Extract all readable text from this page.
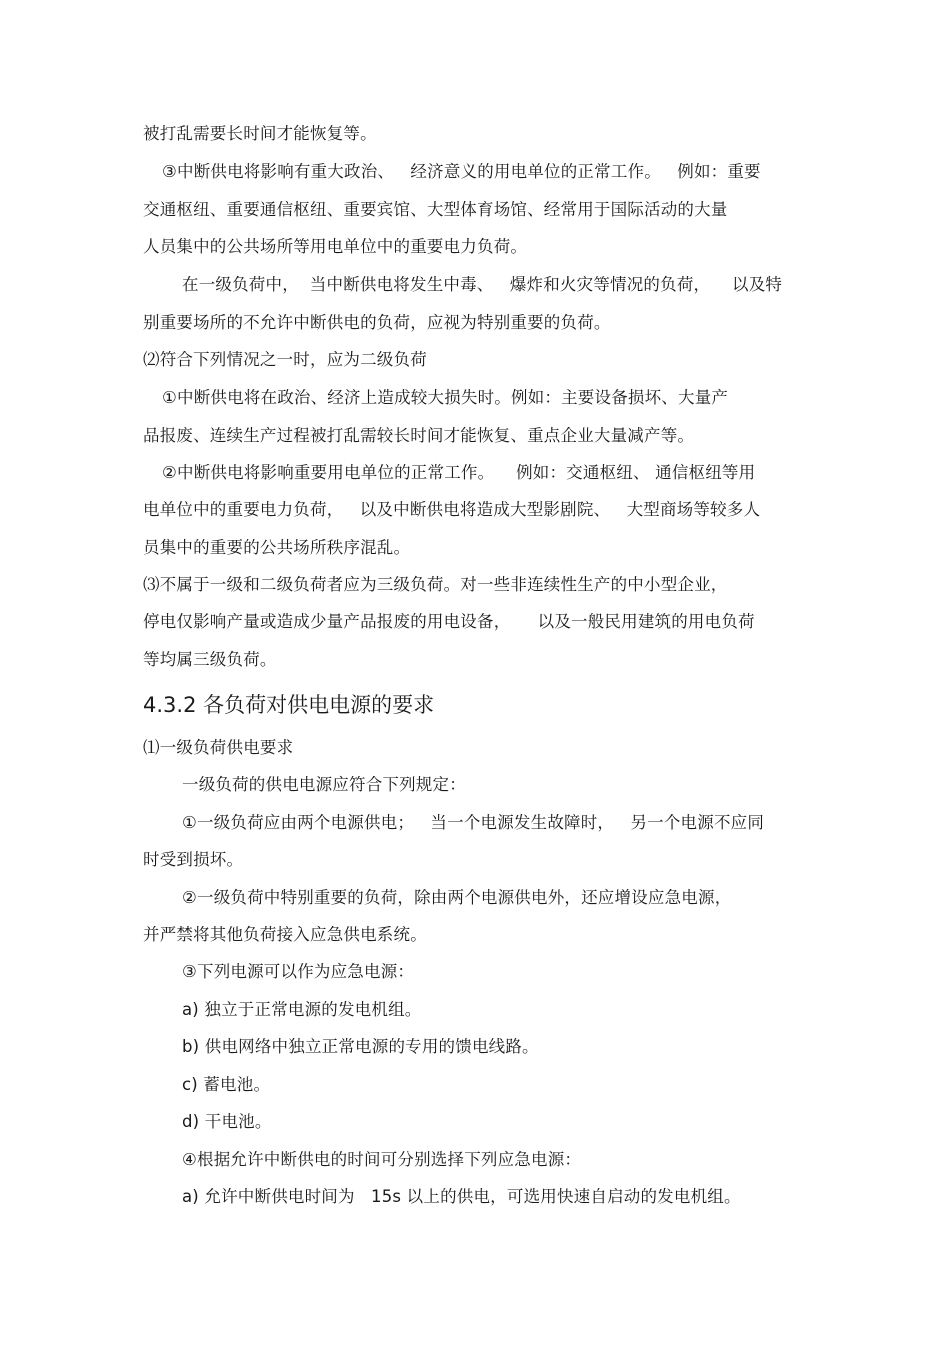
被打乱需要长时间才能恢复等。
③中断供电将影响有重大政治、   经济意义的用电单位的正常工作。   例如：重要
交通枢纽、重要通信枢纽、重要宾馆、大型体育场馆、经常用于国际活动的大量
人员集中的公共场所等用电单位中的重要电力负荷。
在一级负荷中，  当中断供电将发生中毒、   爆炸和火灾等情况的负荷，    以及特
别重要场所的不允许中断供电的负荷，应视为特别重要的负荷。
⑵符合下列情况之一时，应为二级负荷
①中断供电将在政治、经济上造成较大损失时。例如：主要设备损坏、大量产
品报废、连续生产过程被打乱需较长时间才能恢复、重点企业大量减产等。
②中断供电将影响重要用电单位的正常工作。    例如：交通枢纽、 通信枢纽等用
电单位中的重要电力负荷，   以及中断供电将造成大型影剧院、   大型商场等较多人
员集中的重要的公共场所秩序混乱。
⑶不属于一级和二级负荷者应为三级负荷。对一些非连续性生产的中小型企业，
停电仅影响产量或造成少量产品报废的用电设备，     以及一般民用建筑的用电负荷
等均属三级负荷。
4.3.2 各负荷对供电电源的要求
⑴一级负荷供电要求
一级负荷的供电电源应符合下列规定：
①一级负荷应由两个电源供电；   当一个电源发生故障时，   另一个电源不应同
时受到损坏。
②一级负荷中特别重要的负荷，除由两个电源供电外，还应增设应急电源，
并严禁将其他负荷接入应急供电系统。
③下列电源可以作为应急电源：
a) 独立于正常电源的发电机组。
b) 供电网络中独立正常电源的专用的馈电线路。
c) 蓄电池。
d) 干电池。
④根据允许中断供电的时间可分别选择下列应急电源：
a) 允许中断供电时间为   15s 以上的供电，可选用快速自启动的发电机组。
